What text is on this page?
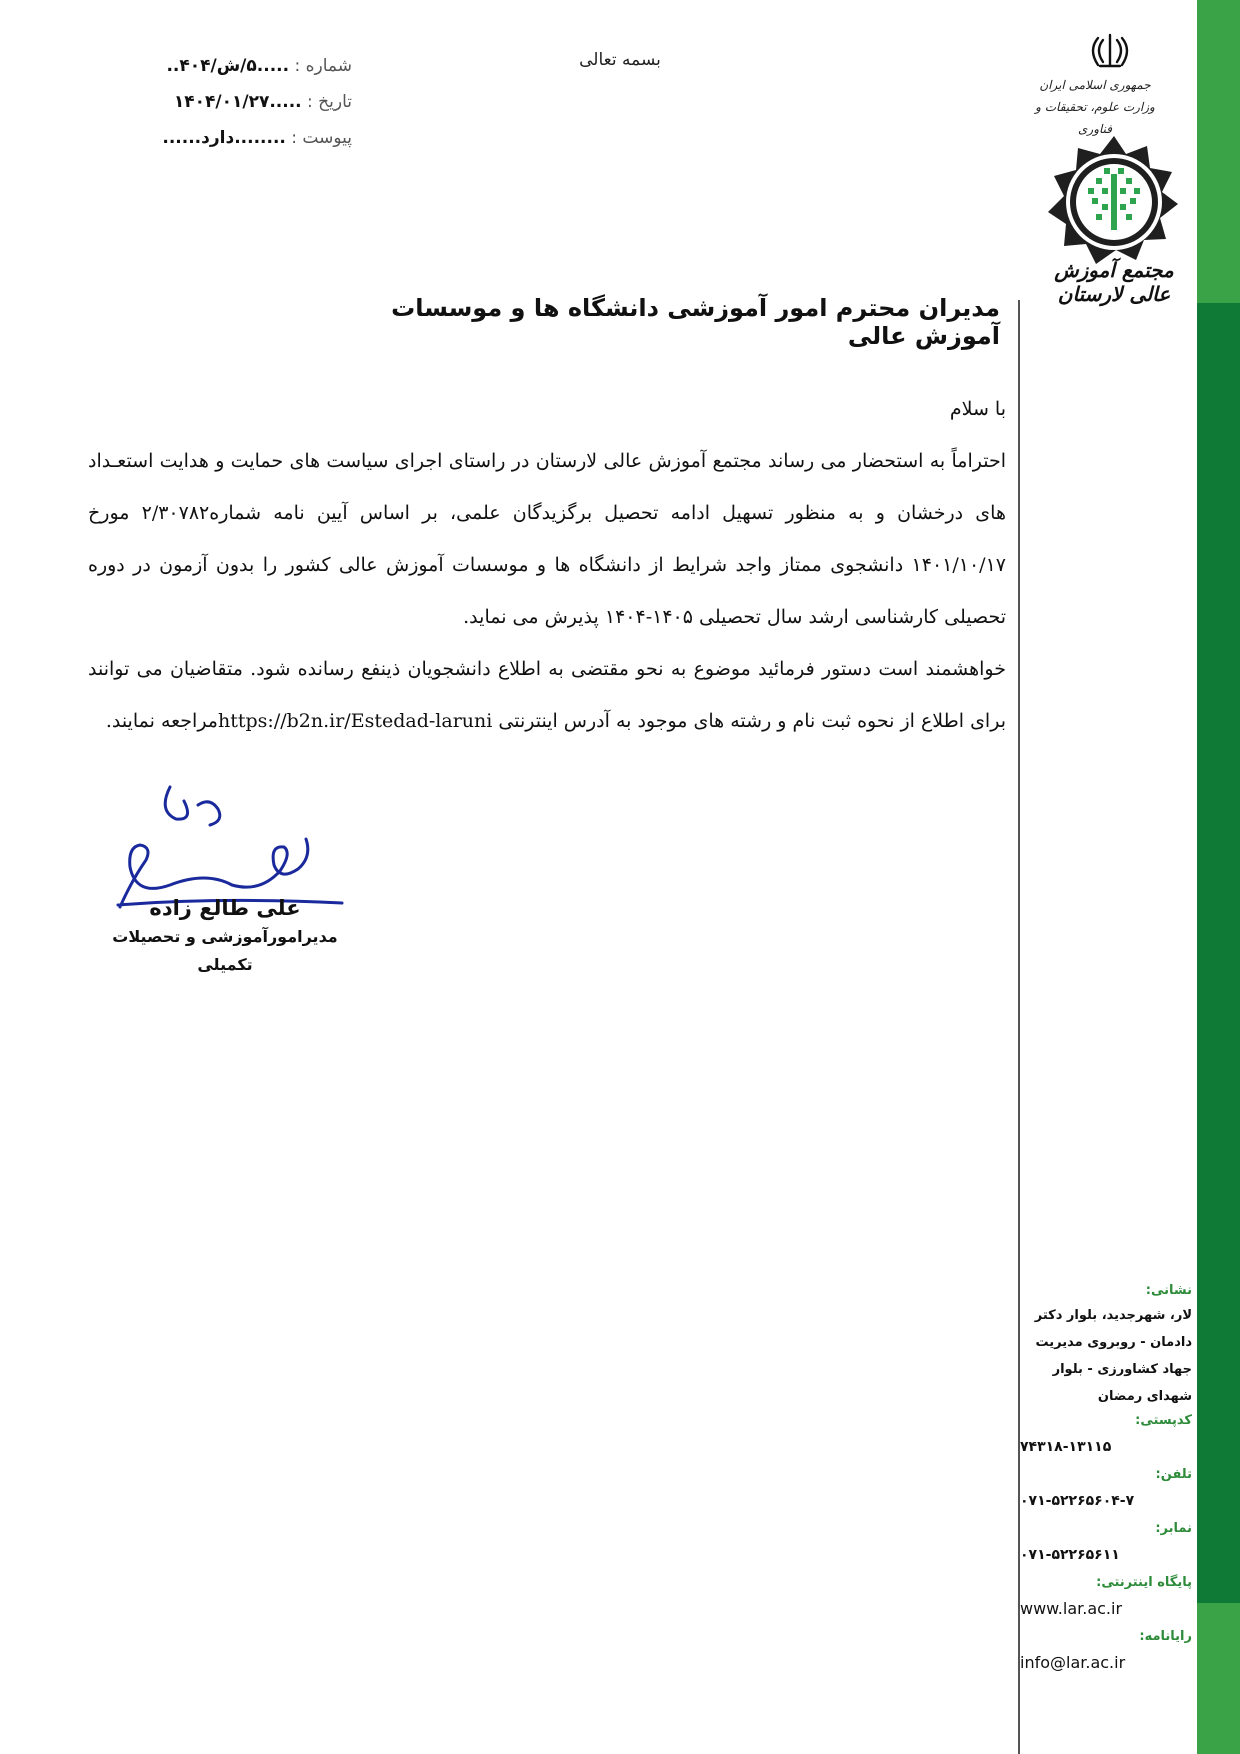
شماره : .....۵/ش/۴۰۴..
تاریخ : .....۱۴۰۴/۰۱/۲۷
پیوست : ........دارد......
بسمه تعالی
جمهوری اسلامی ایران
وزارت علوم، تحقیقات و فناوری
مجتمع آموزش عالی لارستان
مدیران محترم امور آموزشی دانشگاه ها و موسسات آموزش عالی

با سلام

احتراماً به استحضار می رساند مجتمع آموزش عالی لارستان در راستای اجرای سیاست های حمایت و هدایت استعـداد های درخشان و به منظور تسهیل ادامه تحصیل برگزیدگان علمی، بر اساس آیین نامه شماره۲/۳۰۷۸۲ مورخ ۱۴۰۱/۱۰/۱۷ دانشجوی ممتاز واجد شرایط از دانشگاه ها و موسسات آموزش عالی کشور را بدون آزمون در دوره تحصیلی کارشناسی ارشد سال تحصیلی ۱۴۰۵-۱۴۰۴ پذیرش می نماید.

خواهشمند است دستور فرمائید موضوع به نحو مقتضی به اطلاع دانشجویان ذینفع رسانده شود. متقاضیان می توانند برای اطلاع از نحوه ثبت نام و رشته های موجود به آدرس اینترنتی https://b2n.ir/Estedad-laruniمراجعه نمایند.

علی طالع زاده
مدیرامورآموزشی و تحصیلات تکمیلی
نشانی:
لار، شهرجدید، بلوار دکتر دادمان - روبروی مدیریت جهاد کشاورزی - بلوار شهدای رمضان
کدپستی:
۷۴۳۱۸-۱۳۱۱۵
تلفن:
۰۷۱-۵۲۲۶۵۶۰۴-۷
نمابر:
۰۷۱-۵۲۲۶۵۶۱۱
پایگاه اینترنتی:
www.lar.ac.ir
رایانامه:
info@lar.ac.ir
